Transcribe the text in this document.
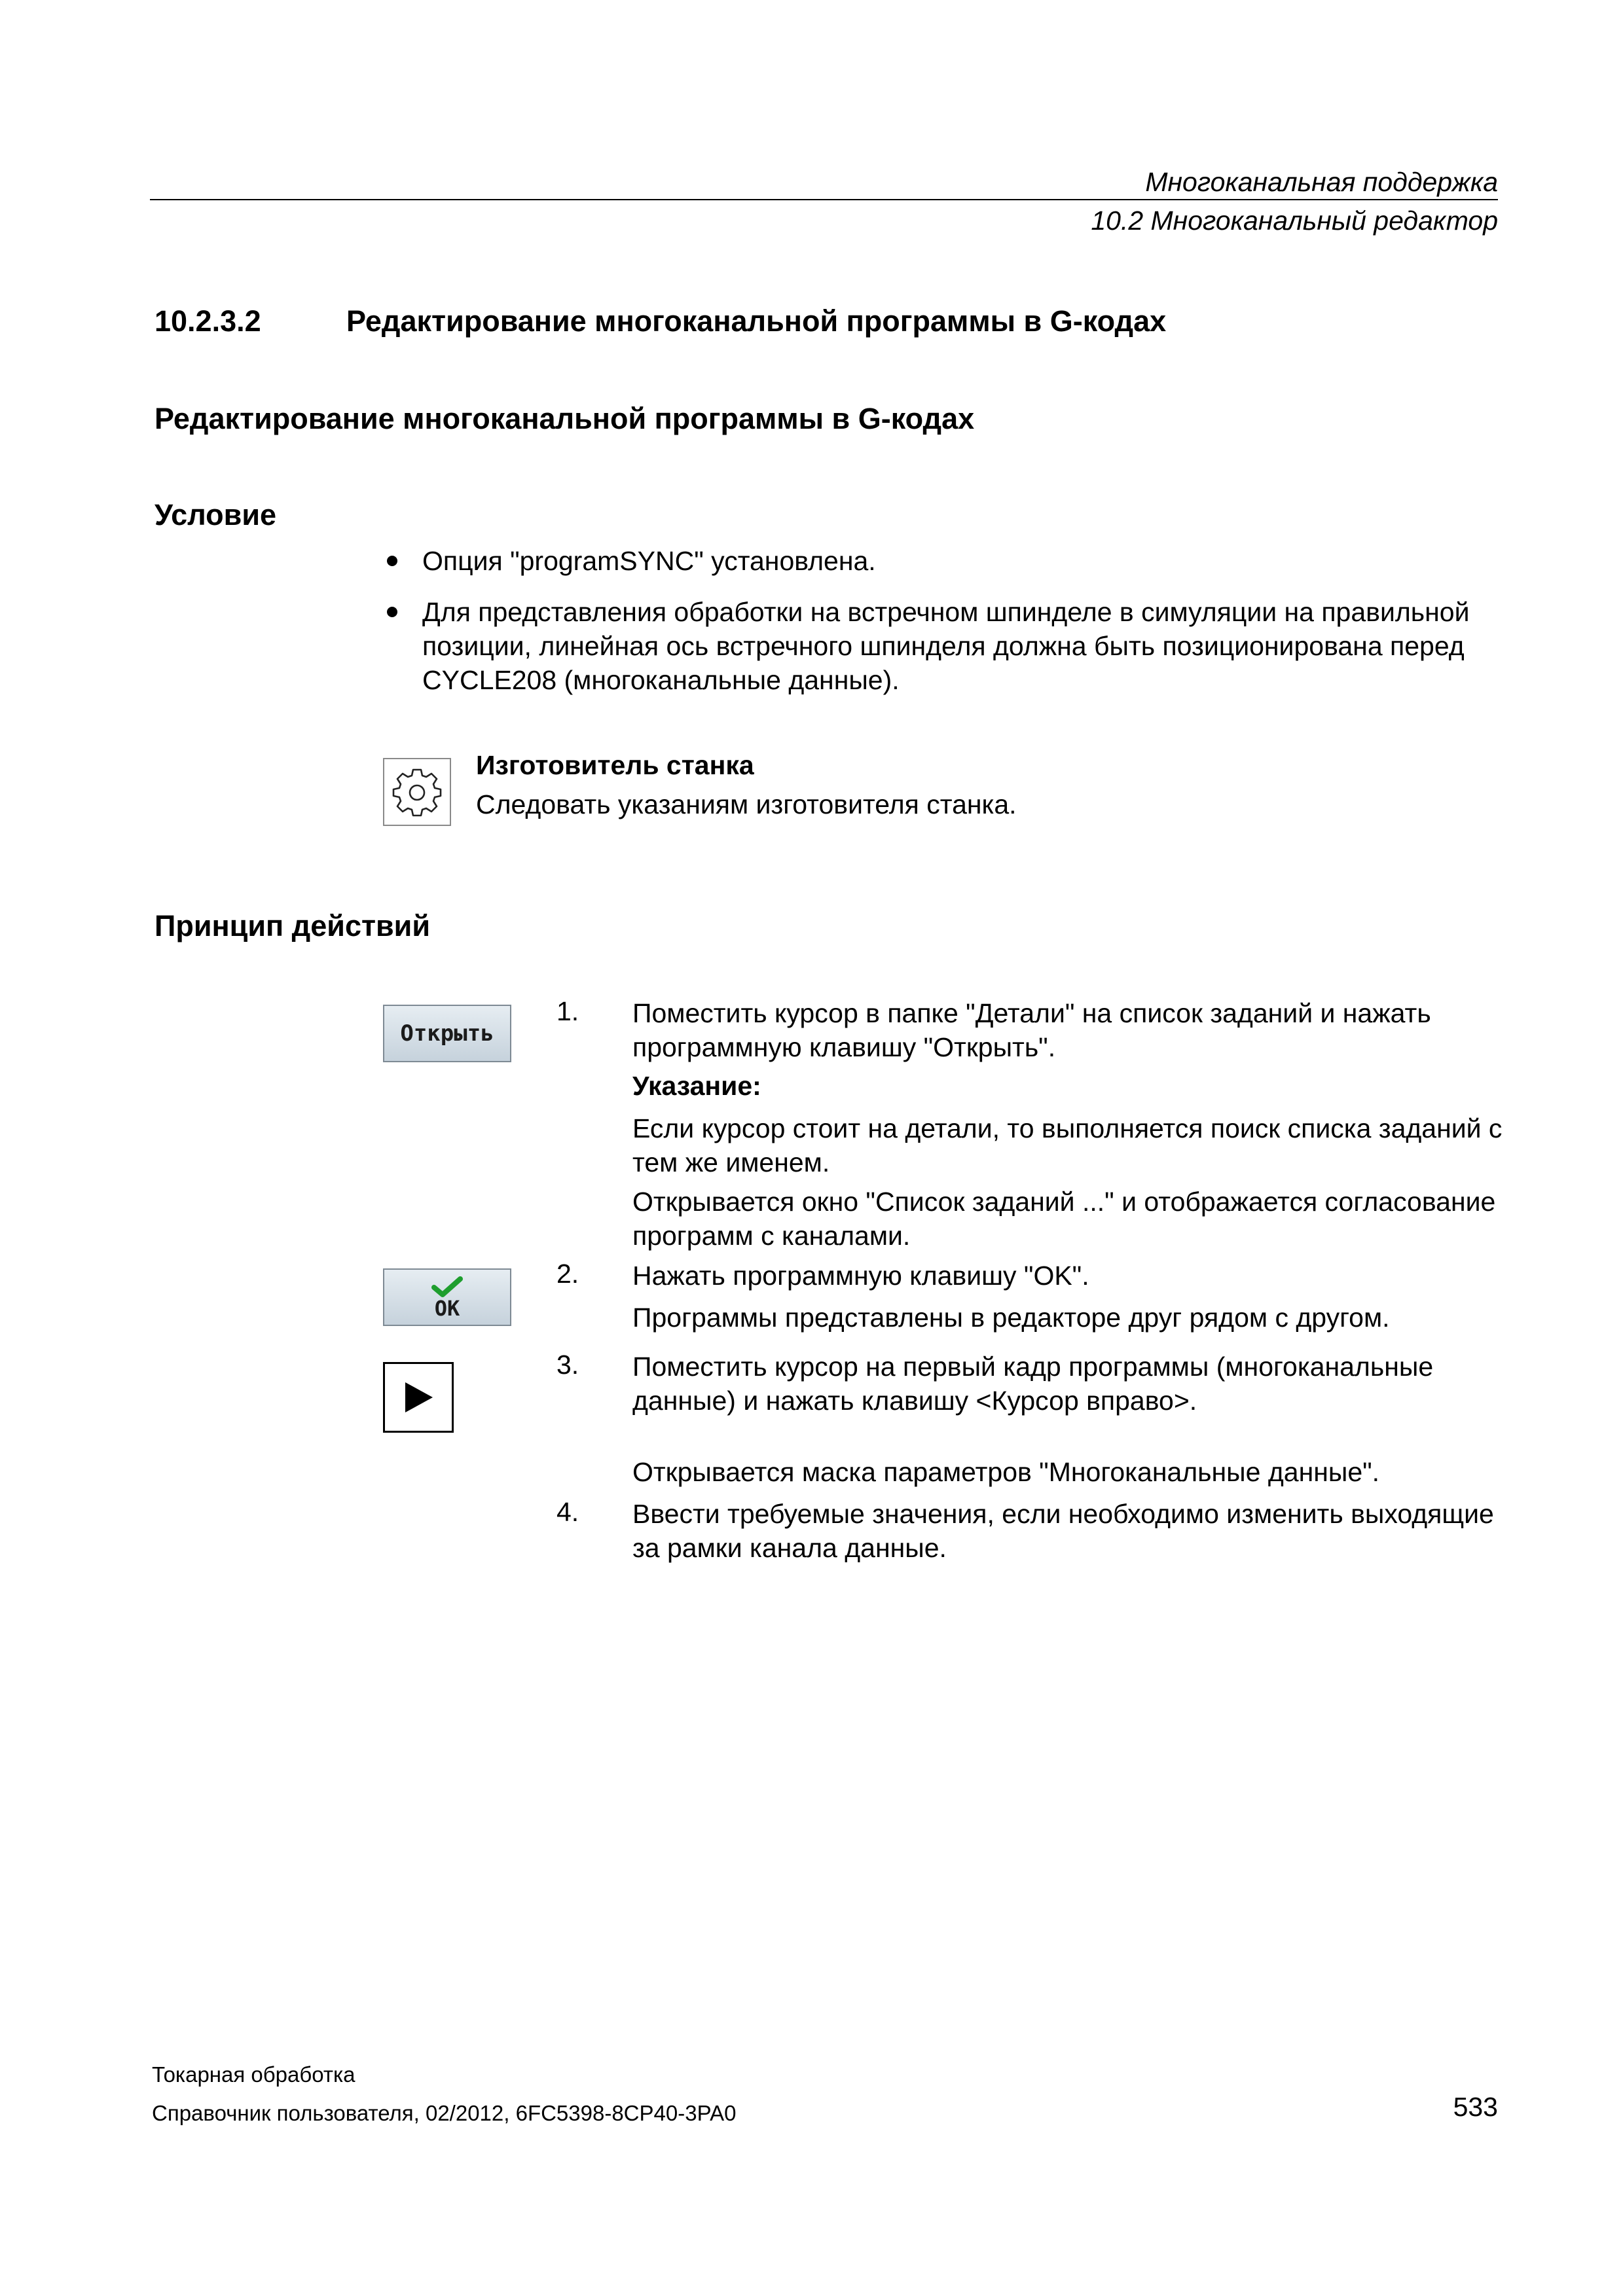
Многоканальная поддержка
10.2 Многоканальный редактор
10.2.3.2	Редактирование многоканальной программы в G-кодах
Редактирование многоканальной программы в G-кодах
Условие
Опция "programSYNC" установлена.
Для представления обработки на встречном шпинделе в симуляции на правильной позиции, линейная ось встречного шпинделя должна быть позиционирована перед CYCLE208 (многоканальные данные).
Изготовитель станка
Следовать указаниям изготовителя станка.
Принцип действий
Открыть
1. Поместить курсор в папке "Детали" на список заданий и нажать программную клавишу "Открыть".
Указание:
Если курсор стоит на детали, то выполняется поиск списка заданий с тем же именем.
Открывается окно "Список заданий ..." и отображается согласование программ с каналами.
OK
2. Нажать программную клавишу "OK".
Программы представлены в редакторе друг рядом с другом.
3. Поместить курсор на первый кадр программы (многоканальные данные) и нажать клавишу <Курсор вправо>.
Открывается маска параметров "Многоканальные данные".
4. Ввести требуемые значения, если необходимо изменить выходящие за рамки канала данные.
Токарная обработка
Справочник пользователя, 02/2012, 6FC5398-8CP40-3PA0	533
